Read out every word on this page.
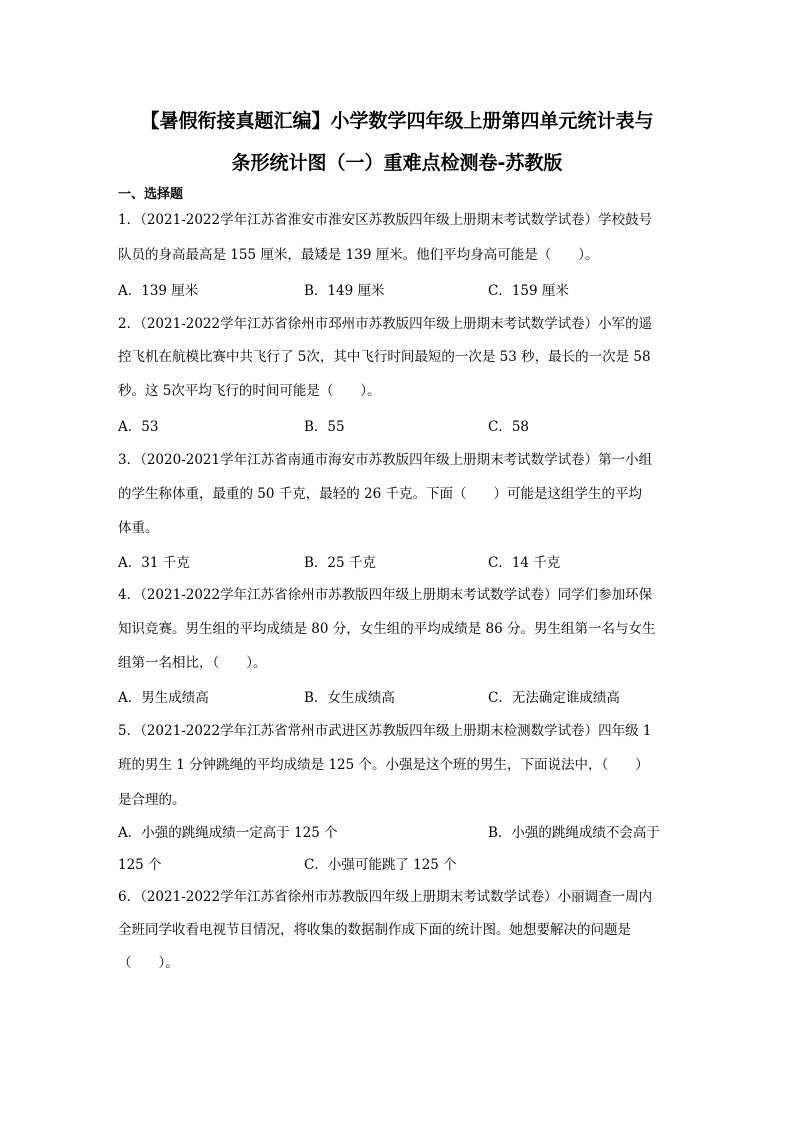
【暑假衔接真题汇编】小学数学四年级上册第四单元统计表与
条形统计图（一）重难点检测卷-苏教版
一、选择题
1．（2021-2022学年江苏省淮安市淮安区苏教版四年级上册期末考试数学试卷）学校鼓号
队员的身高最高是 155 厘米，最矮是 139 厘米。他们平均身高可能是（　　）。
A．139 厘米	B．149 厘米	C．159 厘米
2．（2021-2022学年江苏省徐州市邳州市苏教版四年级上册期末考试数学试卷）小军的遥
控飞机在航模比赛中共飞行了 5次，其中飞行时间最短的一次是 53 秒，最长的一次是 58
秒。这 5次平均飞行的时间可能是（　　）。
A．53	B．55	C．58
3．（2020-2021学年江苏省南通市海安市苏教版四年级上册期末考试数学试卷）第一小组
的学生称体重，最重的 50 千克，最轻的 26 千克。下面（　　）可能是这组学生的平均
体重。
A．31 千克	B．25 千克	C．14 千克
4．（2021-2022学年江苏省徐州市苏教版四年级上册期末考试数学试卷）同学们参加环保
知识竞赛。男生组的平均成绩是 80 分，女生组的平均成绩是 86 分。男生组第一名与女生
组第一名相比，（　　）。
A．男生成绩高	B．女生成绩高	C．无法确定谁成绩高
5．（2021-2022学年江苏省常州市武进区苏教版四年级上册期末检测数学试卷）四年级 1
班的男生 1 分钟跳绳的平均成绩是 125 个。小强是这个班的男生，下面说法中，（　　）
是合理的。
A．小强的跳绳成绩一定高于 125 个	B．小强的跳绳成绩不会高于
125 个	C．小强可能跳了 125 个
6．（2021-2022学年江苏省徐州市苏教版四年级上册期末考试数学试卷）小丽调查一周内
全班同学收看电视节目情况，将收集的数据制作成下面的统计图。她想要解决的问题是
（　　）。
